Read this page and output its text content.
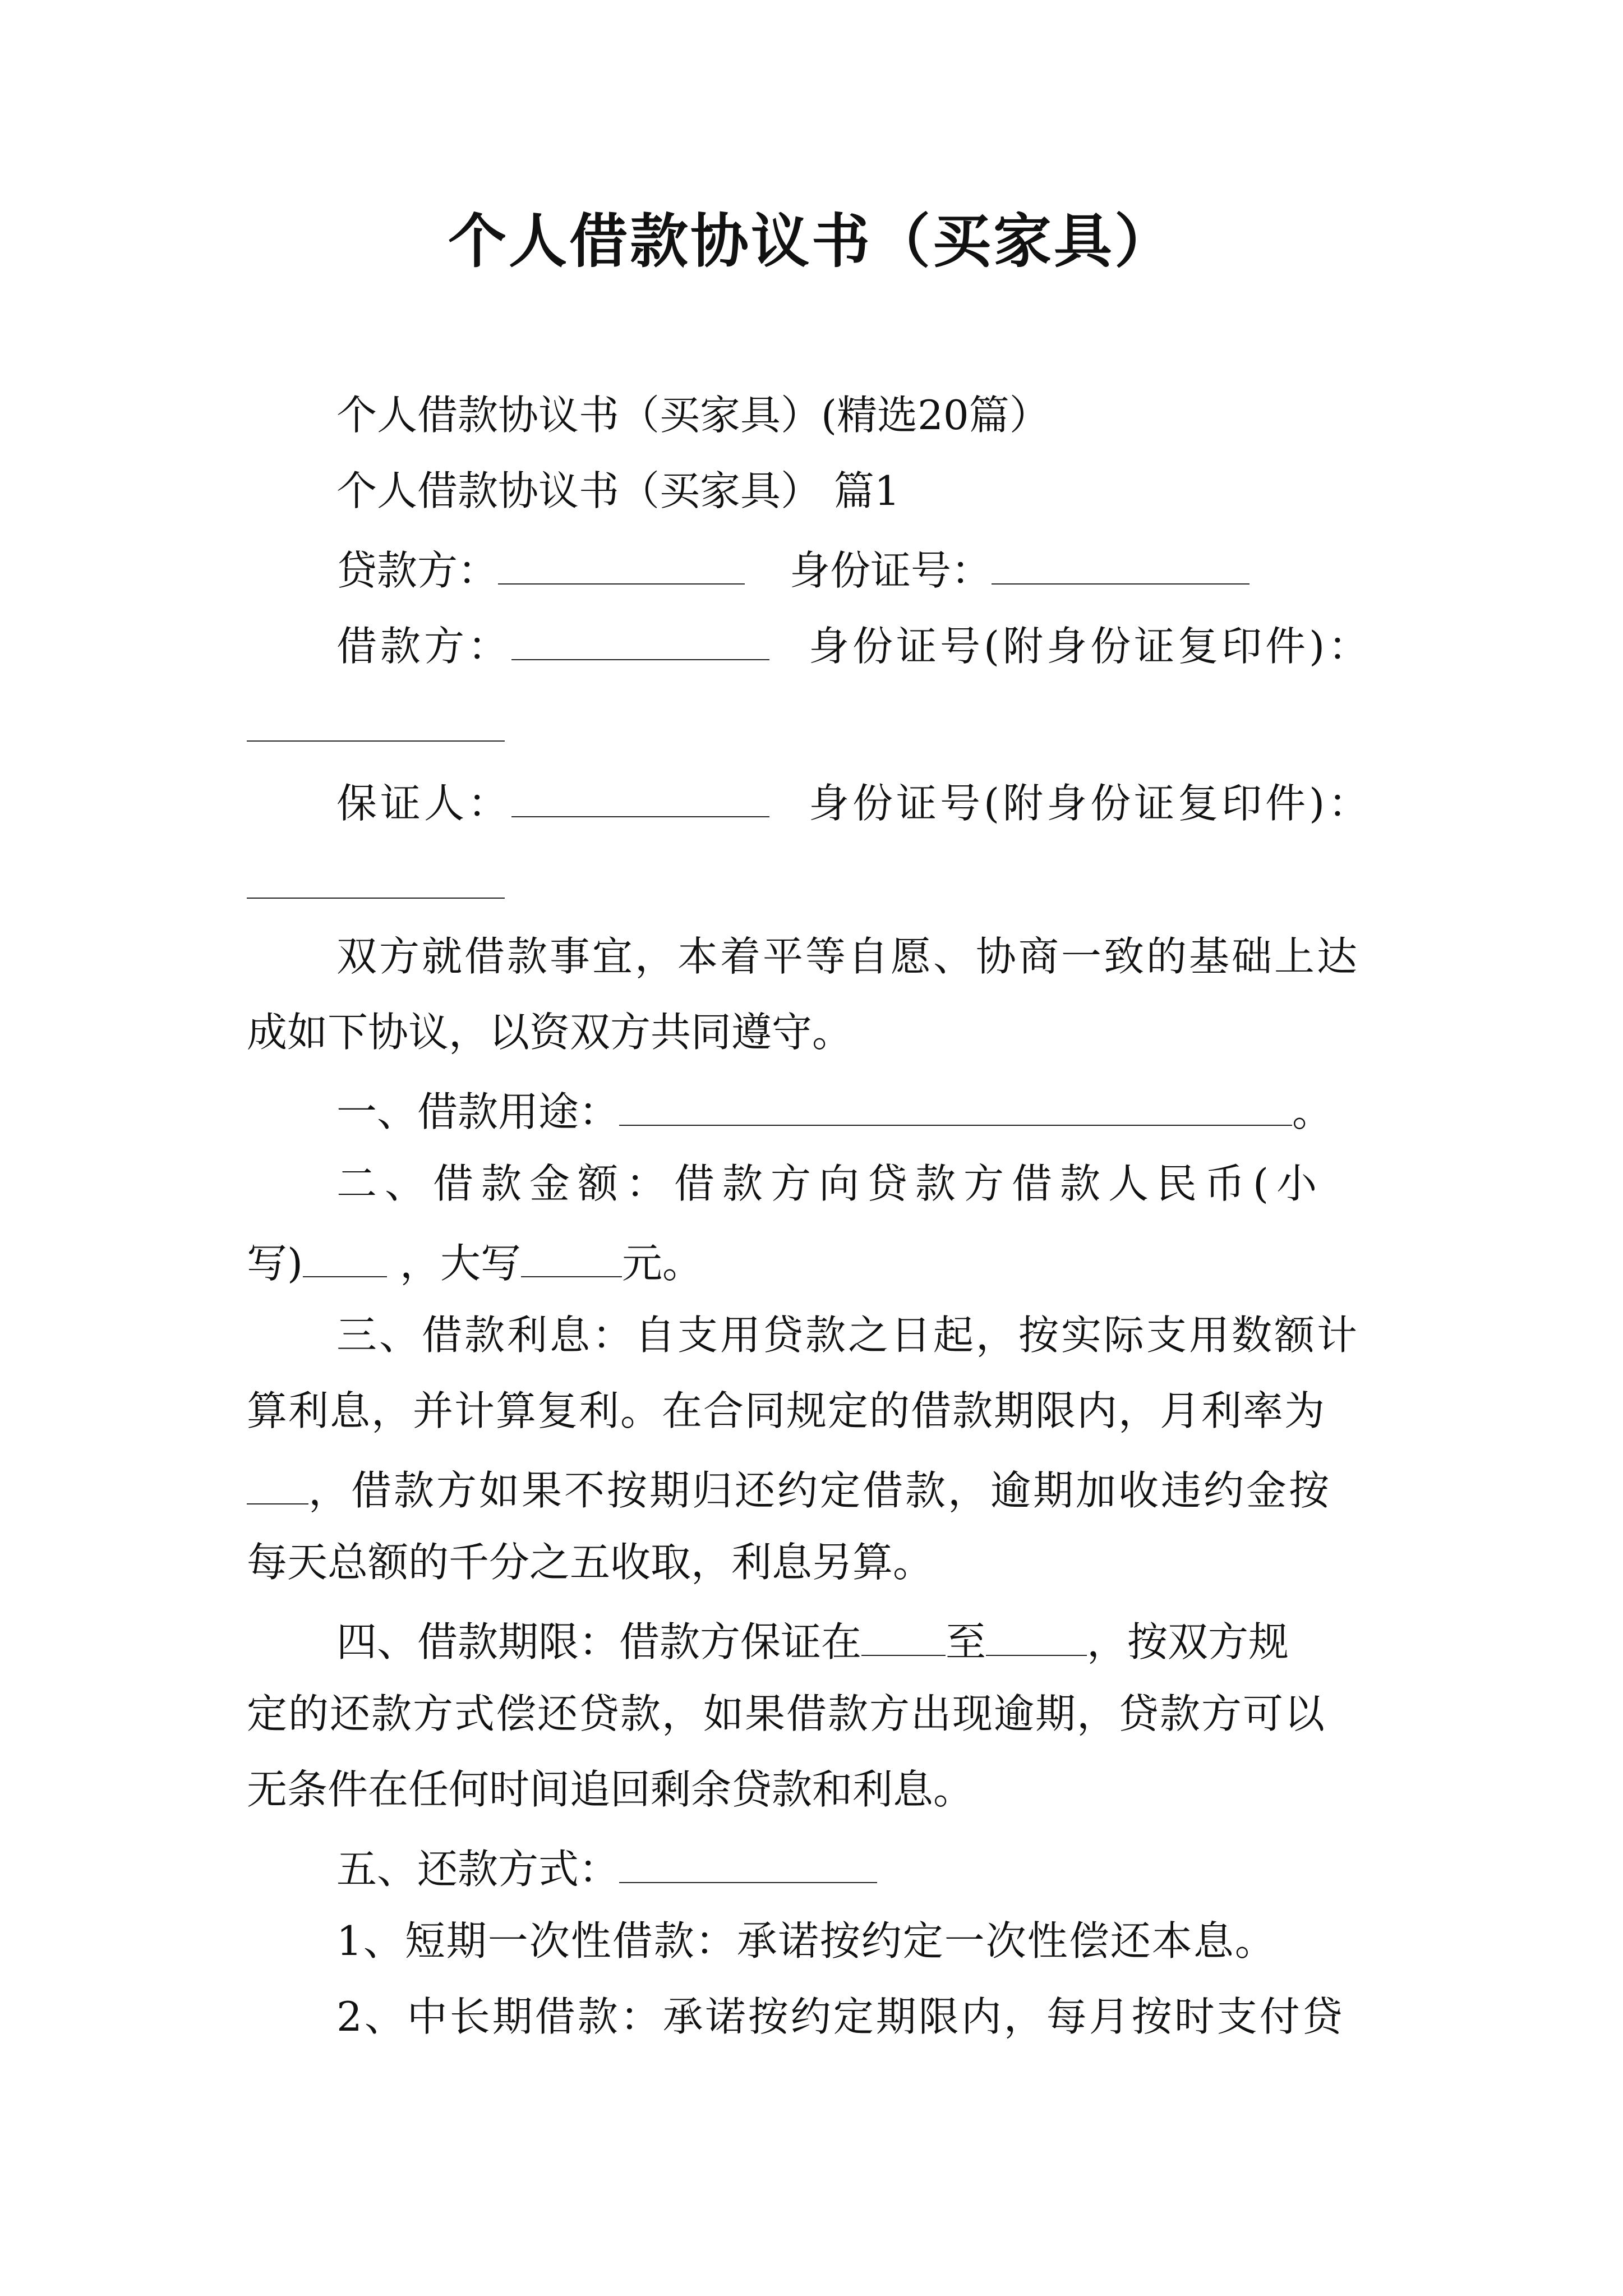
个人借款协议书（买家具）
个人借款协议书（买家具）(精选20篇）
个人借款协议书（买家具） 篇1
贷款方：	身份证号：
借款方：	身份证号(附身份证复印件)：
保证人：	身份证号(附身份证复印件)：
双方就借款事宜，本着平等自愿、协商一致的基础上达
成如下协议，以资双方共同遵守。
一、借款用途：	。
二、借款金额：借款方向贷款方借款人民币(小
写) ，大写	元。
三、借款利息：自支用贷款之日起，按实际支用数额计
算利息，并计算复利。在合同规定的借款期限内，月利率为
，借款方如果不按期归还约定借款，逾期加收违约金按
每天总额的千分之五收取，利息另算。
四、借款期限：借款方保证在 至	，按双方规
定的还款方式偿还贷款，如果借款方出现逾期，贷款方可以
无条件在任何时间追回剩余贷款和利息。
五、还款方式：
1、短期一次性借款：承诺按约定一次性偿还本息。
2、中长期借款：承诺按约定期限内，每月按时支付贷
